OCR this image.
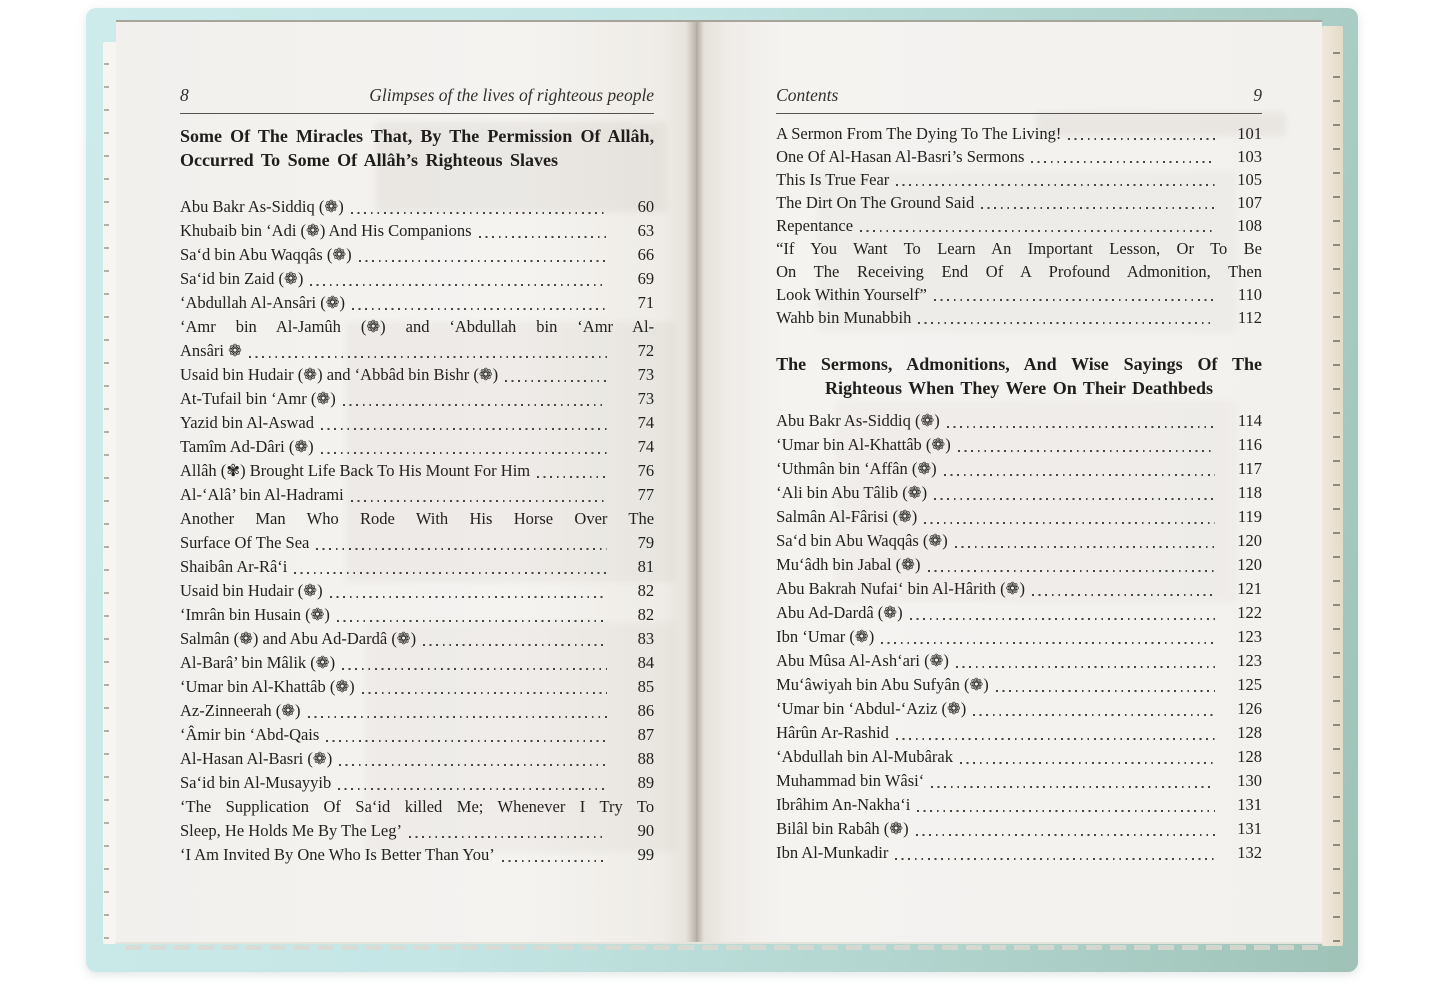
8	Glimpses of the lives of righteous people
Some Of The Miracles That, By The Permission Of Allâh, Occurred To Some Of Allâh’s Righteous Slaves
Abu Bakr As-Siddiq (❁)	60
Khubaib bin ‘Adi (❁) And His Companions	63
Sa‘d bin Abu Waqqâs (❁)	66
Sa‘id bin Zaid (❁)	69
‘Abdullah Al-Ansâri (❁)	71
‘Amr bin Al-Jamûh (❁) and ‘Abdullah bin ‘Amr Al-
Ansâri ❁	72
Usaid bin Hudair (❁) and ‘Abbâd bin Bishr (❁)	73
At-Tufail bin ‘Amr (❁)	73
Yazid bin Al-Aswad	74
Tamîm Ad-Dâri (❁)	74
Allâh (✾) Brought Life Back To His Mount For Him	76
Al-‘Alâ’ bin Al-Hadrami	77
Another Man Who Rode With His Horse Over The
Surface Of The Sea	79
Shaibân Ar-Râ‘i	81
Usaid bin Hudair (❁)	82
‘Imrân bin Husain (❁)	82
Salmân (❁) and Abu Ad-Dardâ (❁)	83
Al-Barâ’ bin Mâlik (❁)	84
‘Umar bin Al-Khattâb (❁)	85
Az-Zinneerah (❁)	86
‘Âmir bin ‘Abd-Qais	87
Al-Hasan Al-Basri (❁)	88
Sa‘id bin Al-Musayyib	89
‘The Supplication Of Sa‘id killed Me; Whenever I Try To
Sleep, He Holds Me By The Leg’	90
‘I Am Invited By One Who Is Better Than You’	99
Contents	9
A Sermon From The Dying To The Living!	101
One Of Al-Hasan Al-Basri’s Sermons	103
This Is True Fear	105
The Dirt On The Ground Said	107
Repentance	108
“If You Want To Learn An Important Lesson, Or To Be
On The Receiving End Of A Profound Admonition, Then
Look Within Yourself”	110
Wahb bin Munabbih	112
The Sermons, Admonitions, And Wise Sayings Of The Righteous When They Were On Their Deathbeds
Abu Bakr As-Siddiq (❁)	114
‘Umar bin Al-Khattâb (❁)	116
‘Uthmân bin ‘Affân (❁)	117
‘Ali bin Abu Tâlib (❁)	118
Salmân Al-Fârisi (❁)	119
Sa‘d bin Abu Waqqâs (❁)	120
Mu‘âdh bin Jabal (❁)	120
Abu Bakrah Nufai‘ bin Al-Hârith (❁)	121
Abu Ad-Dardâ (❁)	122
Ibn ‘Umar (❁)	123
Abu Mûsa Al-Ash‘ari (❁)	123
Mu‘âwiyah bin Abu Sufyân (❁)	125
‘Umar bin ‘Abdul-‘Aziz (❁)	126
Hârûn Ar-Rashid	128
‘Abdullah bin Al-Mubârak	128
Muhammad bin Wâsi‘	130
Ibrâhim An-Nakha‘i	131
Bilâl bin Rabâh (❁)	131
Ibn Al-Munkadir	132
